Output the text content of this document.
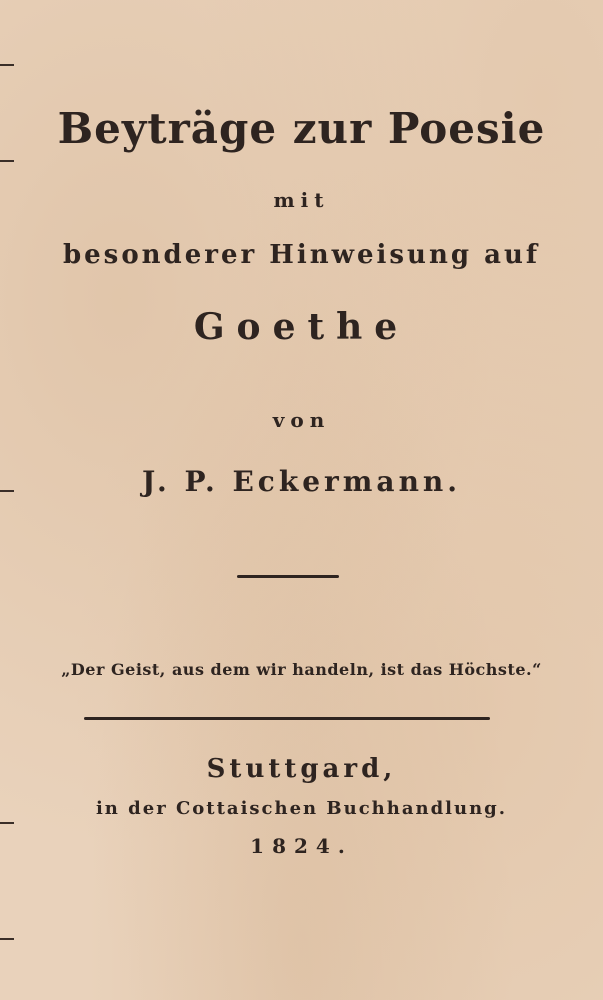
Beyträge zur Poesie
mit
besonderer Hinweisung auf
Goethe
von
J. P. Eckermann.
„Der Geist, aus dem wir handeln, ist das Höchste.“
Stuttgard,
in der Cottaischen Buchhandlung.
1824.
